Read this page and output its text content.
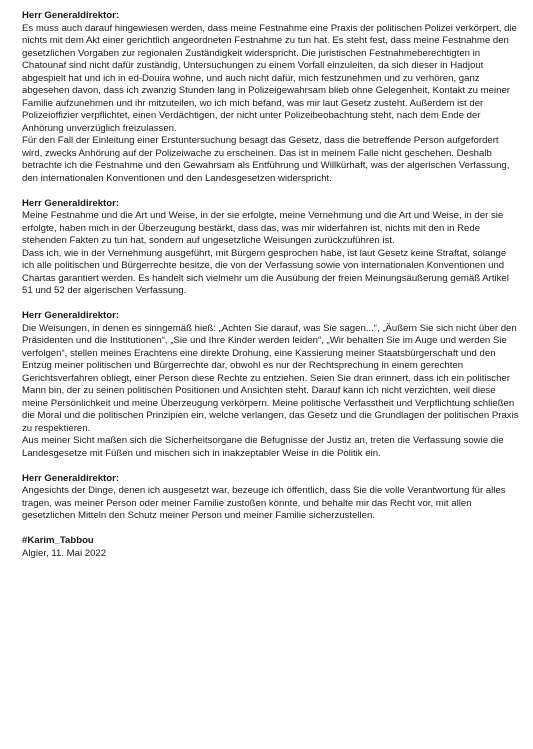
Herr Generaldirektor:

Es muss auch darauf hingewiesen werden, dass meine Festnahme eine Praxis der politischen Polizei verkörpert, die nichts mit dem Akt einer gerichtlich angeordneten Festnahme zu tun hat. Es steht fest, dass meine Festnahme den gesetzlichen Vorgaben zur regionalen Zuständigkeit widerspricht. Die juristischen Festnahmeberechtigten in Chatounaf sind nicht dafür zuständig, Untersuchungen zu einem Vorfall einzuleiten, da sich dieser in Hadjout abgespielt hat und ich in ed-Douira wohne, und auch nicht dafür, mich festzunehmen und zu verhören, ganz abgesehen davon, dass ich zwanzig Stunden lang in Polizeigewahrsam blieb ohne Gelegenheit, Kontakt zu meiner Familie aufzunehmen und ihr mitzuteilen, wo ich mich befand, was mir laut Gesetz zusteht. Außerdem ist der Polizeioffizier verpflichtet, einen Verdächtigen, der nicht unter Polizeibeobachtung steht, nach dem Ende der Anhörung unverzüglich freizulassen.

Für den Fall der Einleitung einer Erstuntersuchung besagt das Gesetz, dass die betreffende Person aufgefordert wird, zwecks Anhörung auf der Polizeiwache zu erscheinen. Das ist in meinem Falle nicht geschehen. Deshalb betrachte ich die Festnahme und den Gewahrsam als Entführung und Willkürhaft, was der algerischen Verfassung, den internationalen Konventionen und den Landesgesetzen widerspricht.

Herr Generaldirektor:

Meine Festnahme und die Art und Weise, in der sie erfolgte, meine Vernehmung und die Art und Weise, in der sie erfolgte, haben mich in der Überzeugung bestärkt, dass das, was mir widerfahren ist, nichts mit den in Rede stehenden Fakten zu tun hat, sondern auf ungesetzliche Weisungen zurückzuführen ist.

Dass ich, wie in der Vernehmung ausgeführt, mit Bürgern gesprochen habe, ist laut Gesetz keine Straftat, solange ich alle politischen und Bürgerrechte besitze, die von der Verfassung sowie von internationalen Konventionen und Chartas garantiert werden. Es handelt sich vielmehr um die Ausübung der freien Meinungsäußerung gemäß Artikel 51 und 52 der algerischen Verfassung.

Herr Generaldirektor:

Die Weisungen, in denen es sinngemäß hieß: „Achten Sie darauf, was Sie sagen...“, „Äußern Sie sich nicht über den Präsidenten und die Institutionen“, „Sie und Ihre Kinder werden leiden“, „Wir behalten Sie im Auge und werden Sie verfolgen“, stellen meines Erachtens eine direkte Drohung, eine Kassierung meiner Staatsbürgerschaft und den Entzug meiner politischen und Bürgerrechte dar, obwohl es nur der Rechtsprechung in einem gerechten Gerichtsverfahren obliegt, einer Person diese Rechte zu entziehen. Seien Sie dran erinnert, dass ich ein politischer Mann bin, der zu seinen politischen Positionen und Ansichten steht. Darauf kann ich nicht verzichten, weil diese meine Persönlichkeit und meine Überzeugung verkörpern. Meine politische Verfasstheit und Verpflichtung schließen die Moral und die politischen Prinzipien ein, welche verlangen, das Gesetz und die Grundlagen der politischen Praxis zu respektieren.

Aus meiner Sicht maßen sich die Sicherheitsorgane die Befugnisse der Justiz an, treten die Verfassung sowie die Landesgesetze mit Füßen und mischen sich in inakzeptabler Weise in die Politik ein.

Herr Generaldirektor:

Angesichts der Dinge, denen ich ausgesetzt war, bezeuge ich öffentlich, dass Sie die volle Verantwortung für alles tragen, was meiner Person oder meiner Familie zustoßen könnte, und behalte mir das Recht vor, mit allen gesetzlichen Mitteln den Schutz meiner Person und meiner Familie sicherzustellen.

#Karim_Tabbou
Algier, 11. Mai 2022
